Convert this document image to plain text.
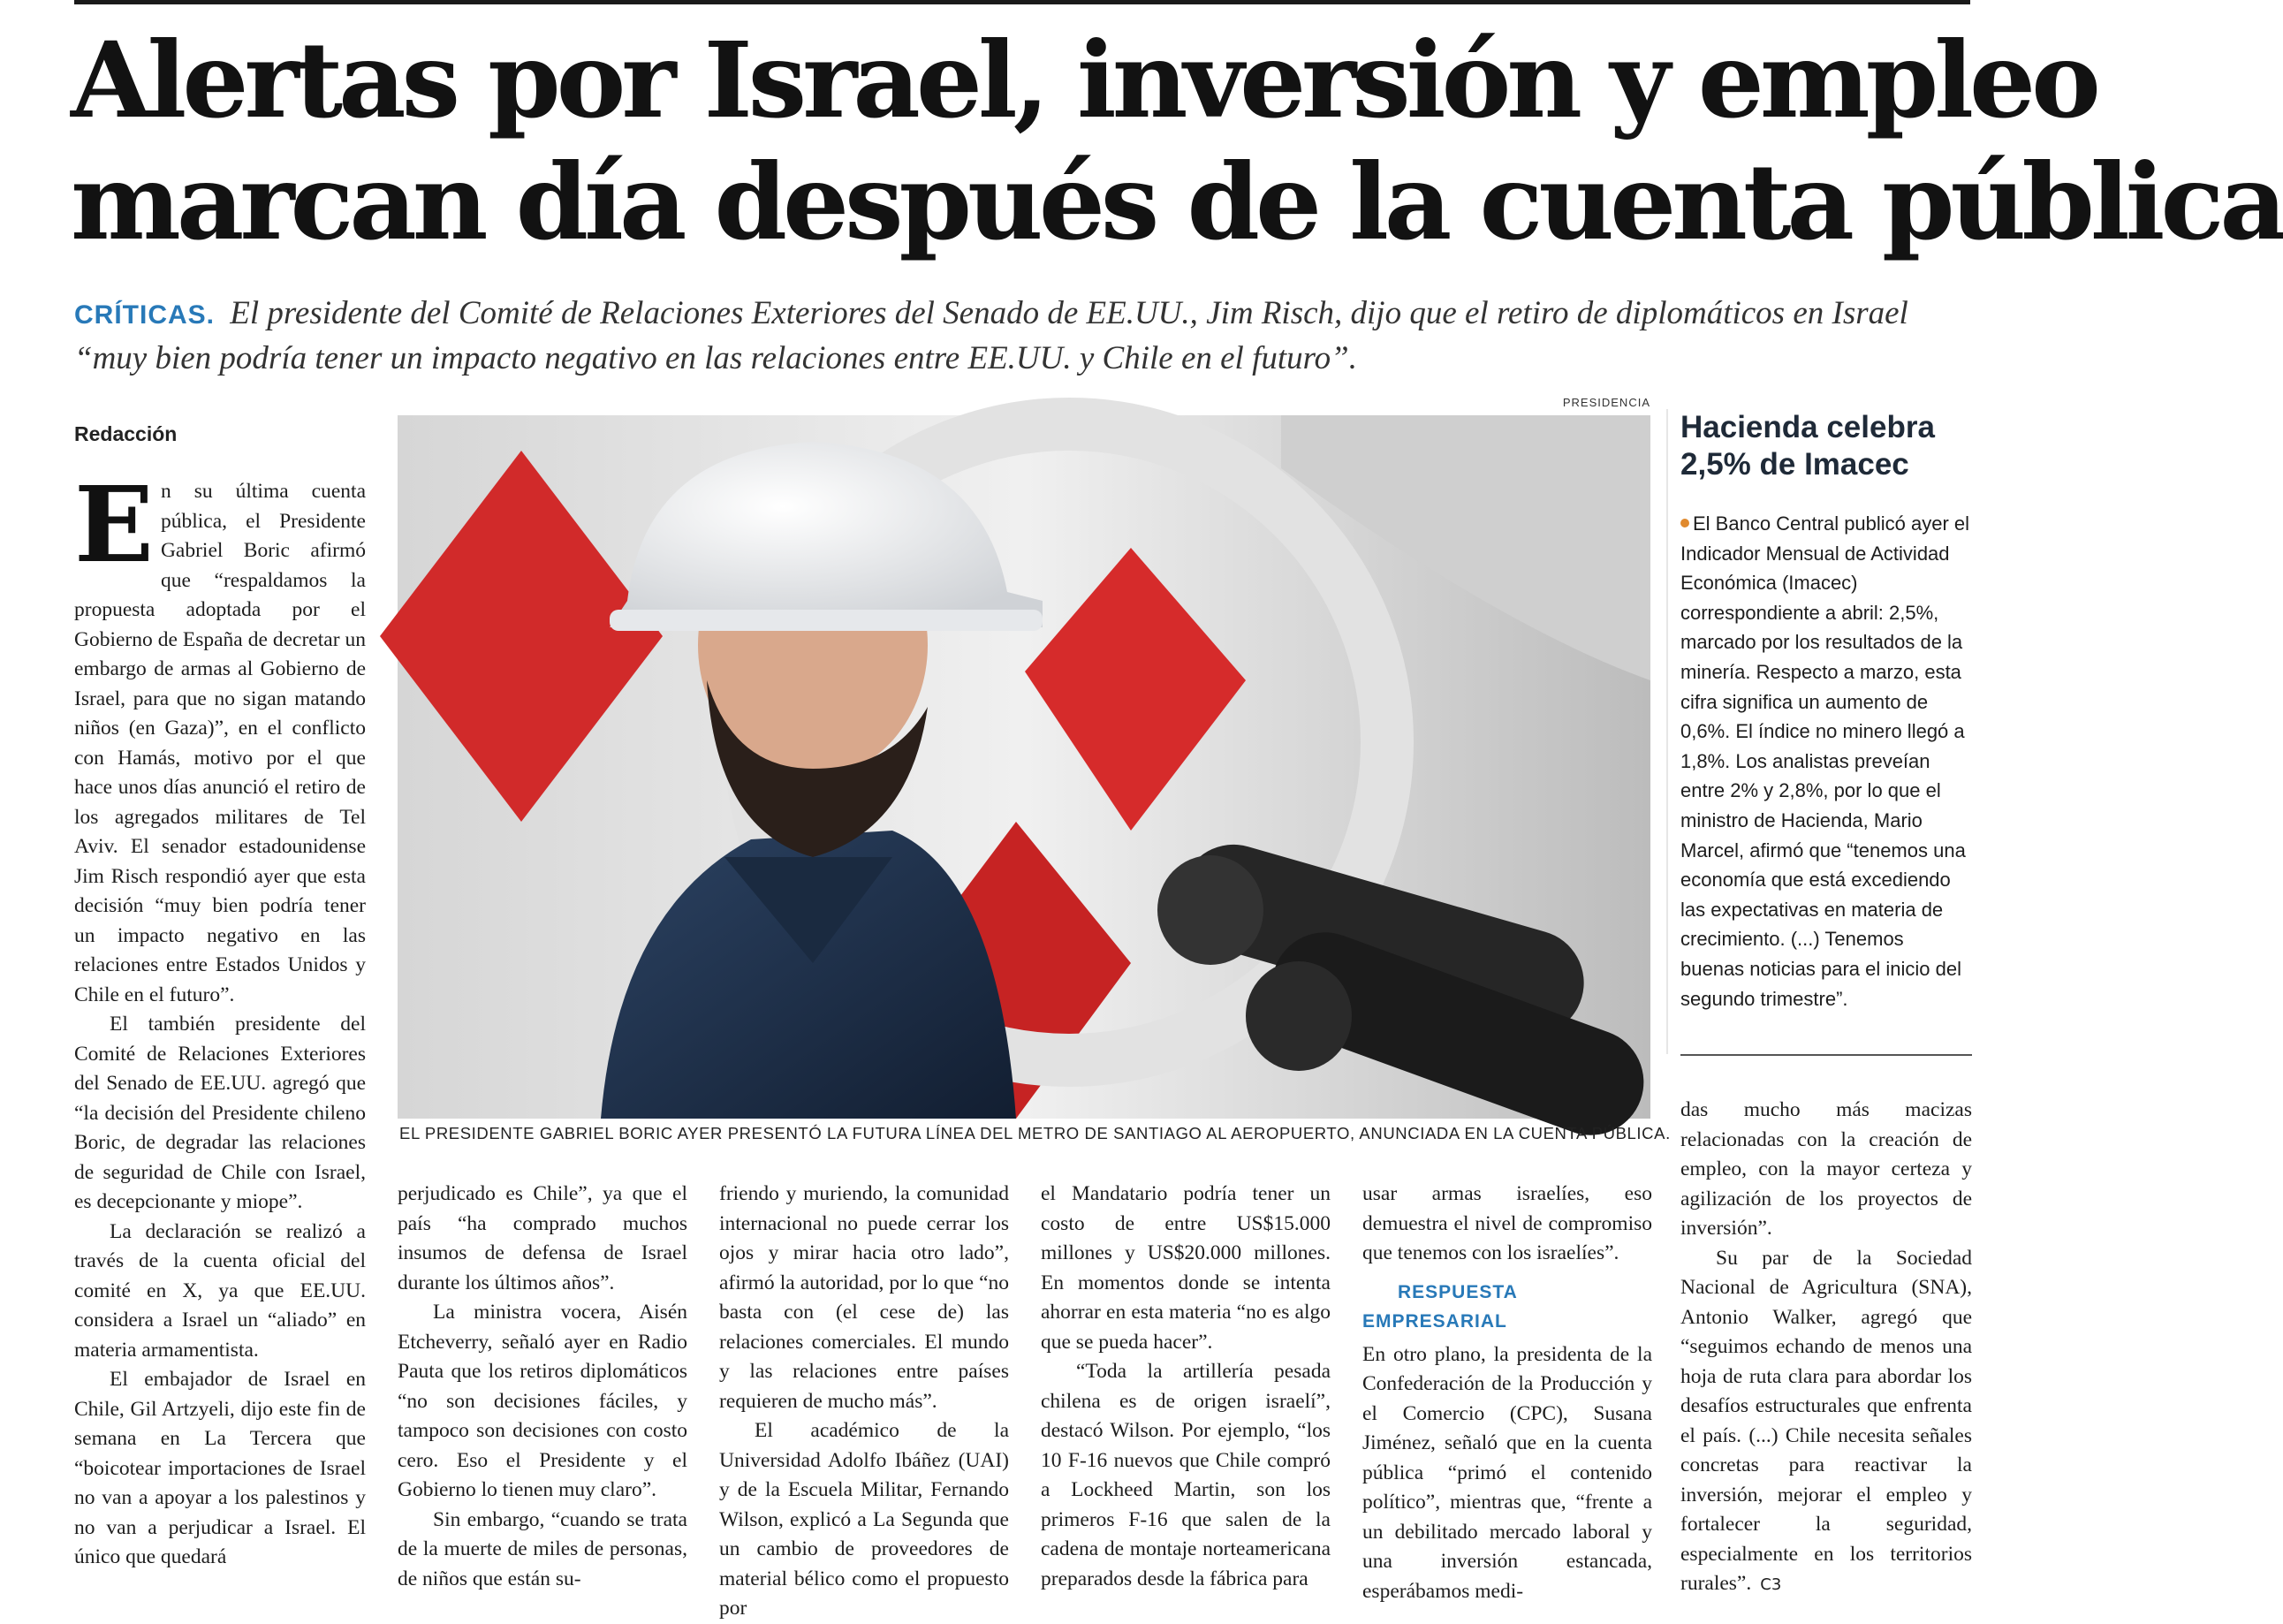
Alertas por Israel, inversión y empleo
marcan día después de la cuenta pública

CRÍTICAS. El presidente del Comité de Relaciones Exteriores del Senado de EE.UU., Jim Risch, dijo que el retiro de diplomáticos en Israel “muy bien podría tener un impacto negativo en las relaciones entre EE.UU. y Chile en el futuro”.

Redacción

En su última cuenta pública, el Presidente Gabriel Boric afirmó que “respaldamos la propuesta adoptada por el Gobierno de España de decretar un embargo de armas al Gobierno de Israel, para que no sigan matando niños (en Gaza)”, en el conflicto con Hamás, motivo por el que hace unos días anunció el retiro de los agregados militares de Tel Aviv. El senador estadounidense Jim Risch respondió ayer que esta decisión “muy bien podría tener un impacto negativo en las relaciones entre Estados Unidos y Chile en el futuro”.

El también presidente del Comité de Relaciones Exteriores del Senado de EE.UU. agregó que “la decisión del Presidente chileno Boric, de degradar las relaciones de seguridad de Chile con Israel, es decepcionante y miope”.

La declaración se realizó a través de la cuenta oficial del comité en X, ya que EE.UU. considera a Israel un “aliado” en materia armamentista.

El embajador de Israel en Chile, Gil Artzyeli, dijo este fin de semana en La Tercera que “boicotear importaciones de Israel no van a apoyar a los palestinos y no van a perjudicar a Israel. El único que quedará

PRESIDENCIA
EL PRESIDENTE GABRIEL BORIC AYER PRESENTÓ LA FUTURA LÍNEA DEL METRO DE SANTIAGO AL AEROPUERTO, ANUNCIADA EN LA CUENTA PÚBLICA.

perjudicado es Chile”, ya que el país “ha comprado muchos insumos de defensa de Israel durante los últimos años”.

La ministra vocera, Aisén Etcheverry, señaló ayer en Radio Pauta que los retiros diplomáticos “no son decisiones fáciles, y tampoco son decisiones con costo cero. Eso el Presidente y el Gobierno lo tienen muy claro”.

Sin embargo, “cuando se trata de la muerte de miles de personas, de niños que están su-

friendo y muriendo, la comunidad internacional no puede cerrar los ojos y mirar hacia otro lado”, afirmó la autoridad, por lo que “no basta con (el cese de) las relaciones comerciales. El mundo y las relaciones entre países requieren de mucho más”.

El académico de la Universidad Adolfo Ibáñez (UAI) y de la Escuela Militar, Fernando Wilson, explicó a La Segunda que un cambio de proveedores de material bélico como el propuesto por

el Mandatario podría tener un costo de entre US$15.000 millones y US$20.000 millones. En momentos donde se intenta ahorrar en esta materia “no es algo que se pueda hacer”.

“Toda la artillería pesada chilena es de origen israelí”, destacó Wilson. Por ejemplo, “los 10 F-16 nuevos que Chile compró a Lockheed Martin, son los primeros F-16 que salen de la cadena de montaje norteamericana preparados desde la fábrica para

usar armas israelíes, eso demuestra el nivel de compromiso que tenemos con los israelíes”.

RESPUESTA EMPRESARIAL

En otro plano, la presidenta de la Confederación de la Producción y el Comercio (CPC), Susana Jiménez, señaló que en la cuenta pública “primó el contenido político”, mientras que, “frente a un debilitado mercado laboral y una inversión estancada, esperábamos medi-

Hacienda celebra 2,5% de Imacec

El Banco Central publicó ayer el Indicador Mensual de Actividad Económica (Imacec) correspondiente a abril: 2,5%, marcado por los resultados de la minería. Respecto a marzo, esta cifra significa un aumento de 0,6%. El índice no minero llegó a 1,8%. Los analistas preveían entre 2% y 2,8%, por lo que el ministro de Hacienda, Mario Marcel, afirmó que “tenemos una economía que está excediendo las expectativas en materia de crecimiento. (...) Tenemos buenas noticias para el inicio del segundo trimestre”.

das mucho más macizas relacionadas con la creación de empleo, con la mayor certeza y agilización de los proyectos de inversión”.

Su par de la Sociedad Nacional de Agricultura (SNA), Antonio Walker, agregó que “seguimos echando de menos una hoja de ruta clara para abordar los desafíos estructurales que enfrenta el país. (...) Chile necesita señales concretas para reactivar la inversión, mejorar el empleo y fortalecer la seguridad, especialmente en los territorios rurales”. C3
